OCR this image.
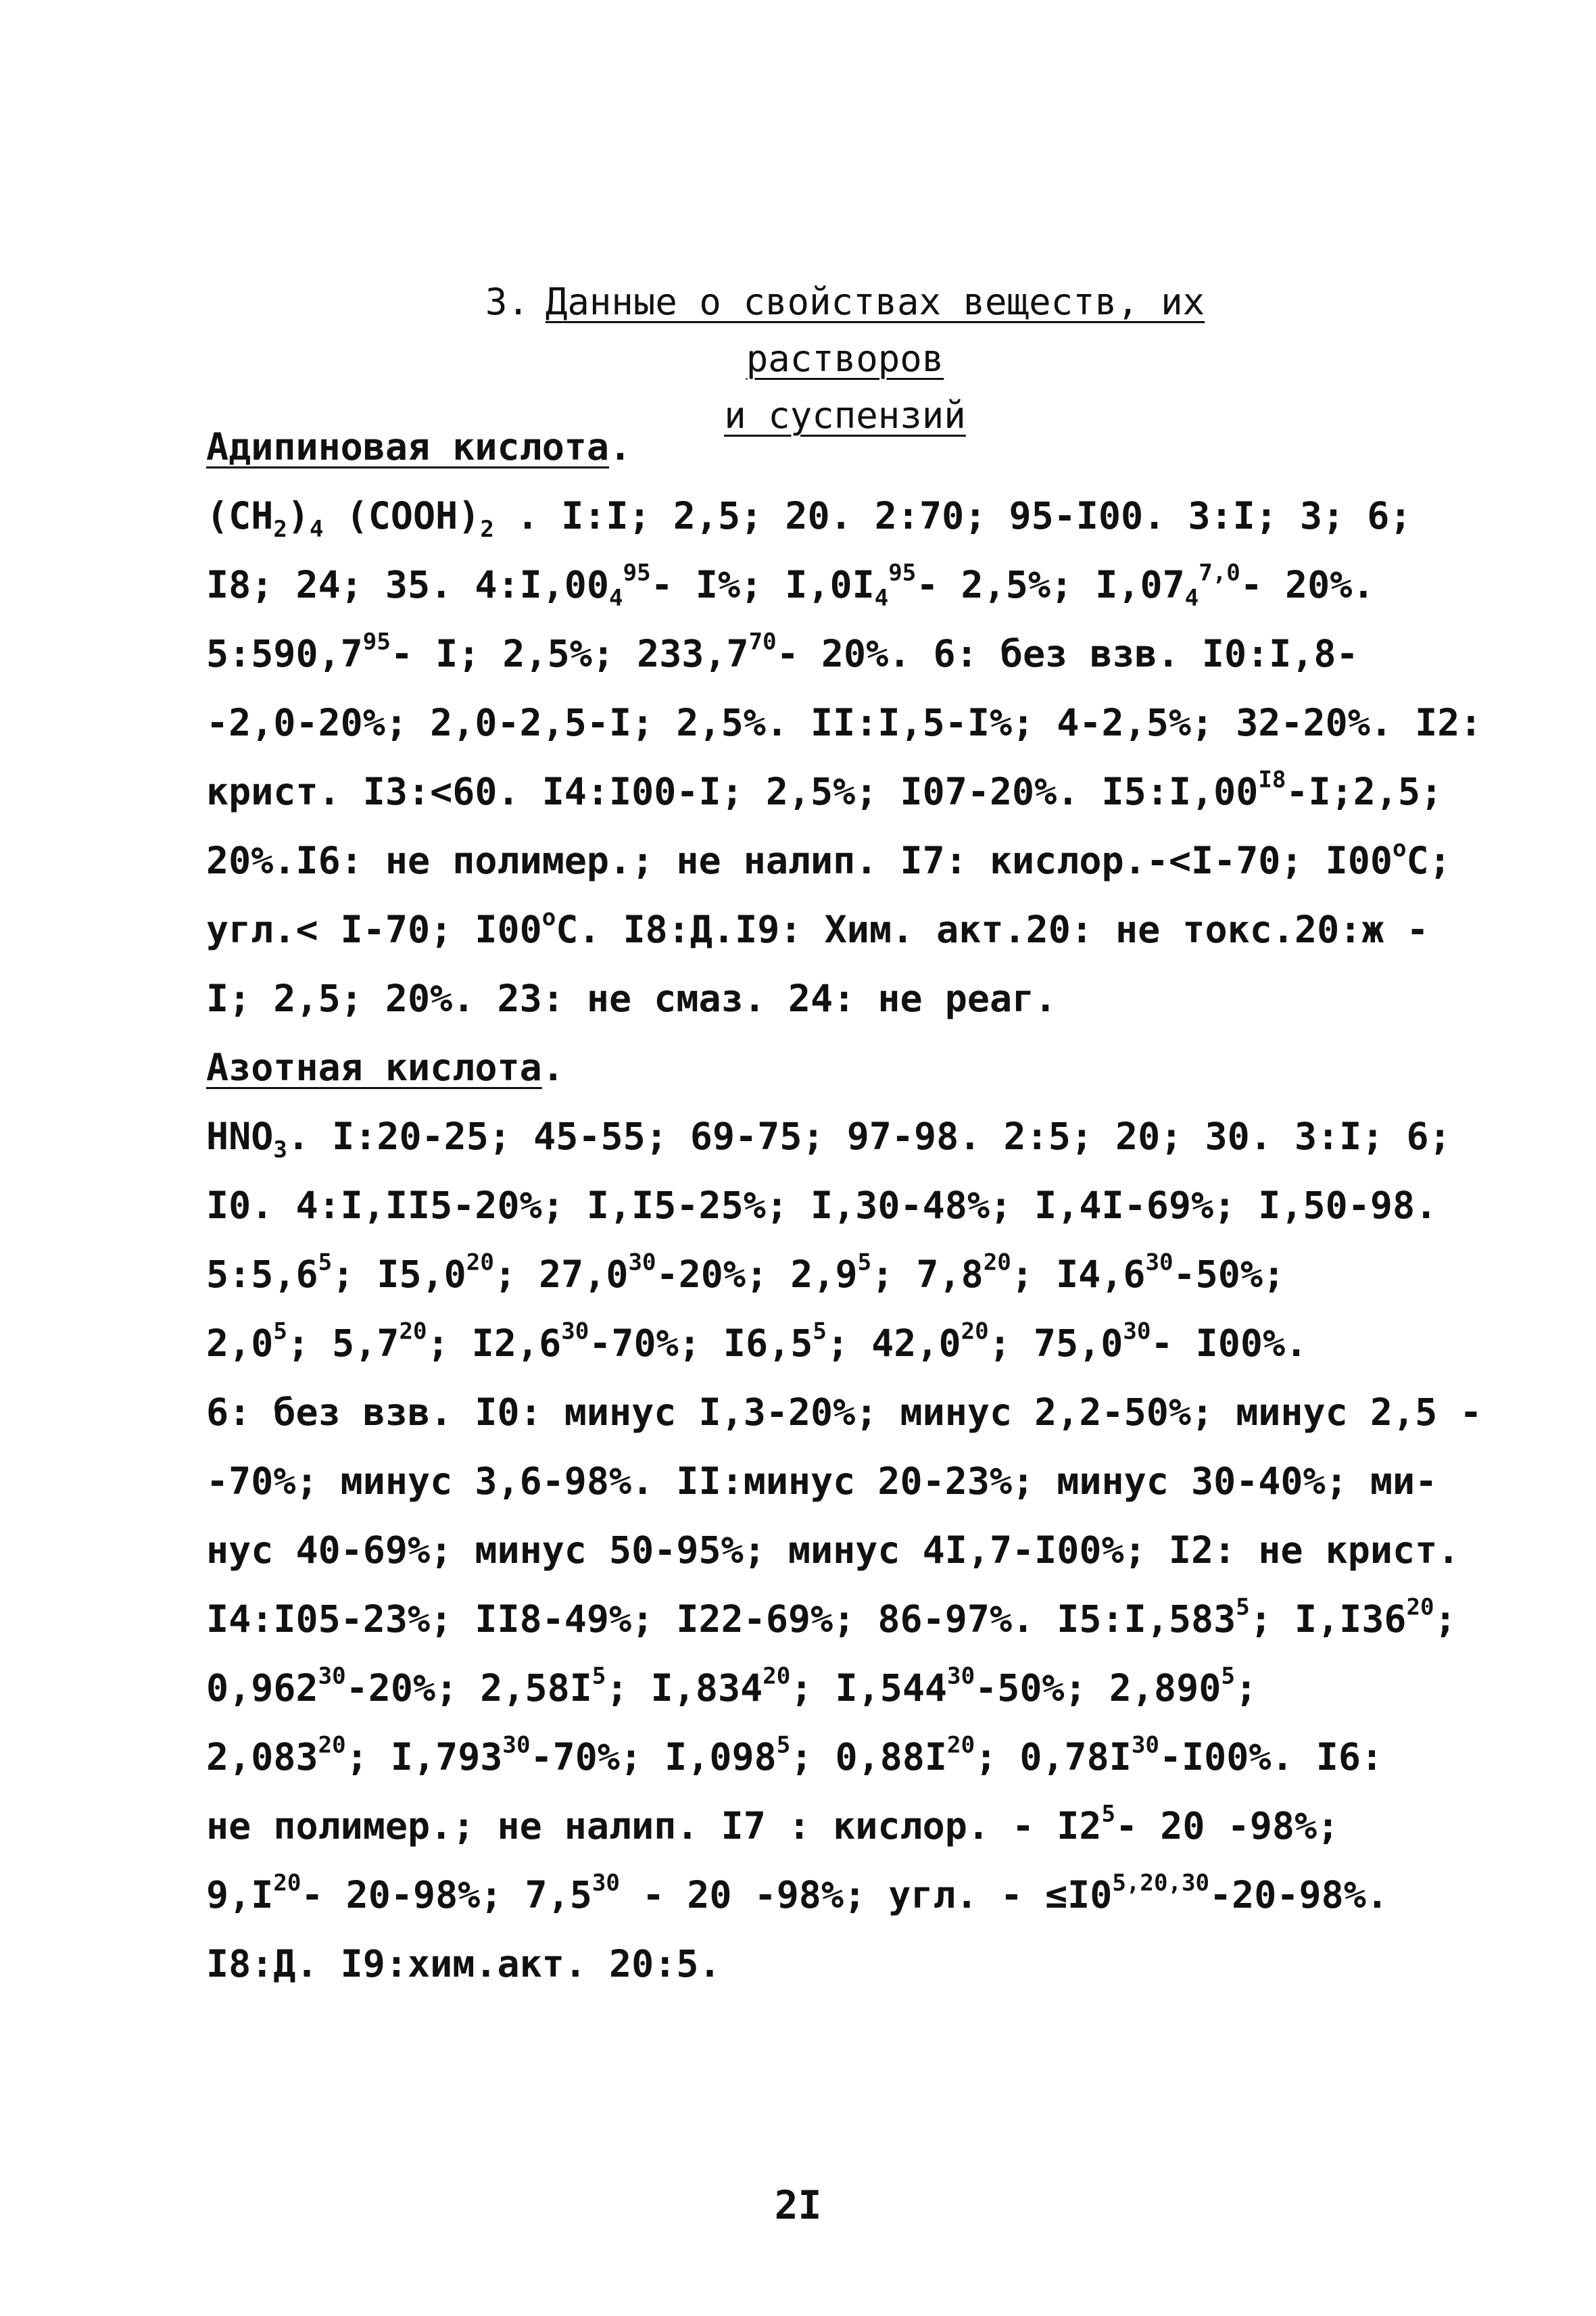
3. Данные о свойствах веществ, их растворов
и суспензий
Адипиновая кислота.
$(CH_2)_4$ $(COOH)_2$ . I:I; 2,5; 20. 2:70; 95-I00. 3:I; 3; 6;
I8; 24; 35. $4:I,00_4^{95}-$ I%; $I,0I_4^{95}-$ 2,5%; $I,07_4^{7,0}-$ 20%.
5:590,7$^{95}$- I; 2,5%; 233,7$^{70}$- 20%. 6: без взв. I0:I,8-
-2,0-20%; 2,0-2,5-I; 2,5%. II:I,5-I%; 4-2,5%; 32-20%. I2:
крист. I3:<60. I4:I00-I; 2,5%; I07-20%. $I5:I,00^{I8}-I;2,5$;
20%.I6: не полимер.; не налип. I7: кислор.-<I-70; I00$^o$C;
угл.< I-70; I00$^o$C. I8:Д.I9: Хим. акт.20: не токс.20:ж -
I; 2,5; 20%. 23: не смаз. 24: не реаг.
Азотная кислота.
$HNO_3$. I:20-25; 45-55; 69-75; 97-98. 2:5; 20; 30. 3:I; 6;
I0. 4:I,II5-20%; I,I5-25%; I,30-48%; I,4I-69%; I,50-98.
$5:5,6^5$; $I5,0^{20}$; 27,0$^{30}$-20%; $2,9^5$; $7,8^{20}$; $I4,6^{30}-50\%$;
$2,0^5$; $5,7^{20}$; $I2,6^{30}-70\%$; $I6,5^5$; 42,0$^{20}$; 75,0$^{30}$- I00%.
6: без взв. I0: минус I,3-20%; минус 2,2-50%; минус 2,5 -
-70%; минус 3,6-98%. II:минус 20-23%; минус 30-40%; ми-
нус 40-69%; минус 50-95%; минус 4I,7-I00%; I2: не крист.
I4:I05-23%; II8-49%; I22-69%; 86-97%. I5:I,583$^5$; $I,I36^{20}$;
0,962$^{30}$-20%; $2,58I^5$; I,834$^{20}$; I,544$^{30}$-50%; 2,890$^5$;
2,083$^{20}$; I,793$^{30}$-70%; I,098$^5$; $0,88I^{20}$; $0,78I^{30}-I00\%$. I6:
не полимер.; не налип. I7 : кислор. - $I2^5-$ 20 -98%;
$9,I^{20}-$ 20-98%; $7,5^{30} - 20$ -98%; угл. - $\le I0^{5,20,30}-20-98\%$.
I8:Д. I9:хим.акт. 20:5.
2I
